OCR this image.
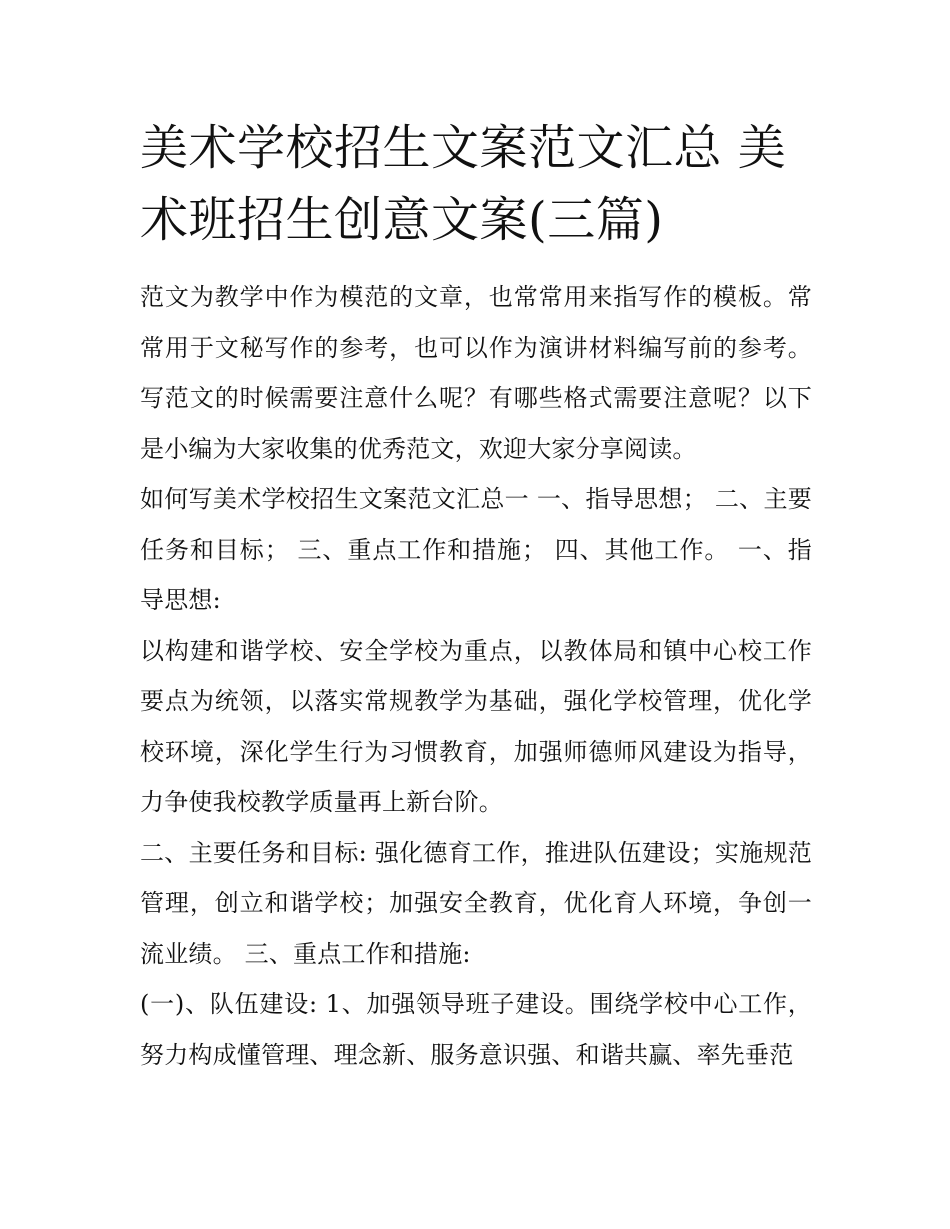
美术学校招生文案范文汇总 美术班招生创意文案(三篇)

范文为教学中作为模范的文章，也常常用来指写作的模板。常常用于文秘写作的参考，也可以作为演讲材料编写前的参考。写范文的时候需要注意什么呢？有哪些格式需要注意呢？以下是小编为大家收集的优秀范文，欢迎大家分享阅读。

如何写美术学校招生文案范文汇总一 一、指导思想； 二、主要任务和目标； 三、重点工作和措施； 四、其他工作。 一、指导思想:

以构建和谐学校、安全学校为重点，以教体局和镇中心校工作要点为统领，以落实常规教学为基础，强化学校管理，优化学校环境，深化学生行为习惯教育，加强师德师风建设为指导，力争使我校教学质量再上新台阶。

二、主要任务和目标: 强化德育工作，推进队伍建设；实施规范管理，创立和谐学校；加强安全教育，优化育人环境，争创一流业绩。 三、重点工作和措施:

(一)、队伍建设: 1、加强领导班子建设。围绕学校中心工作，努力构成懂管理、理念新、服务意识强、和谐共赢、率先垂范
